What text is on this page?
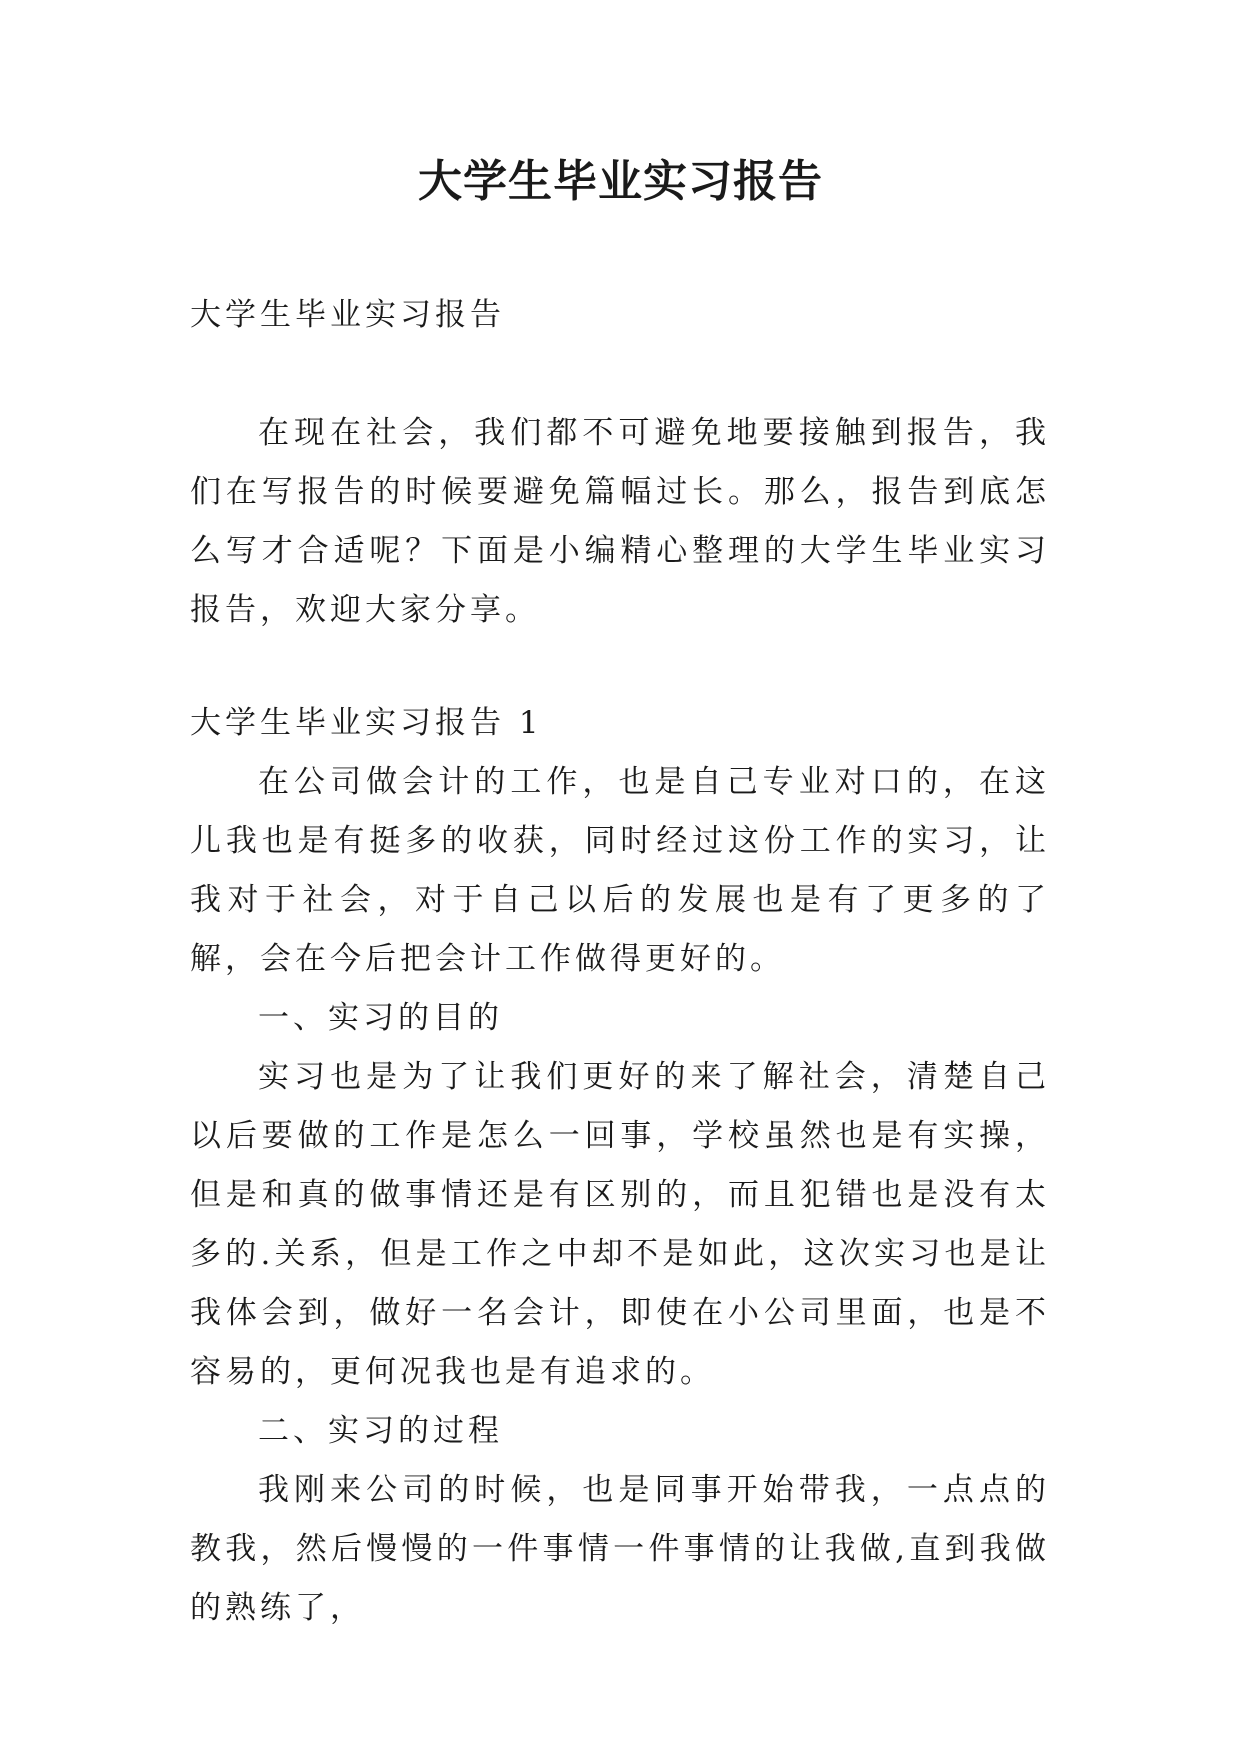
大学生毕业实习报告
大学生毕业实习报告

在现在社会，我们都不可避免地要接触到报告，我们在写报告的时候要避免篇幅过长。那么，报告到底怎么写才合适呢？下面是小编精心整理的大学生毕业实习报告，欢迎大家分享。

大学生毕业实习报告 1

在公司做会计的工作，也是自己专业对口的，在这儿我也是有挺多的收获，同时经过这份工作的实习，让我对于社会，对于自己以后的发展也是有了更多的了解，会在今后把会计工作做得更好的。

一、实习的目的

实习也是为了让我们更好的来了解社会，清楚自己以后要做的工作是怎么一回事，学校虽然也是有实操，但是和真的做事情还是有区别的，而且犯错也是没有太多的.关系，但是工作之中却不是如此，这次实习也是让我体会到，做好一名会计，即使在小公司里面，也是不容易的，更何况我也是有追求的。

二、实习的过程

我刚来公司的时候，也是同事开始带我，一点点的教我，然后慢慢的一件事情一件事情的让我做,直到我做的熟练了，
